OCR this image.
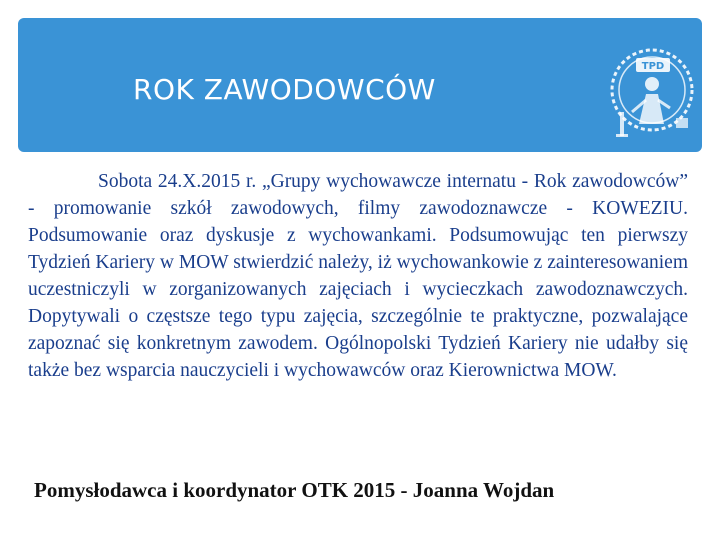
ROK ZAWODOWCÓW
TPD

Sobota 24.X.2015 r. „Grupy wychowawcze internatu - Rok zawodowców” - promowanie szkół zawodowych, filmy zawodoznawcze - KOWEZIU. Podsumowanie oraz dyskusje z wychowankami. Podsumowując ten pierwszy Tydzień Kariery w MOW stwierdzić należy, iż wychowankowie z zainteresowaniem uczestniczyli w zorganizowanych zajęciach i wycieczkach zawodoznawczych. Dopytywali o częstsze tego typu zajęcia, szczególnie te praktyczne, pozwalające zapoznać się konkretnym zawodem. Ogólnopolski Tydzień Kariery nie udałby się także bez wsparcia nauczycieli i wychowawców oraz Kierownictwa MOW.

Pomysłodawca i koordynator OTK 2015 - Joanna Wojdan
